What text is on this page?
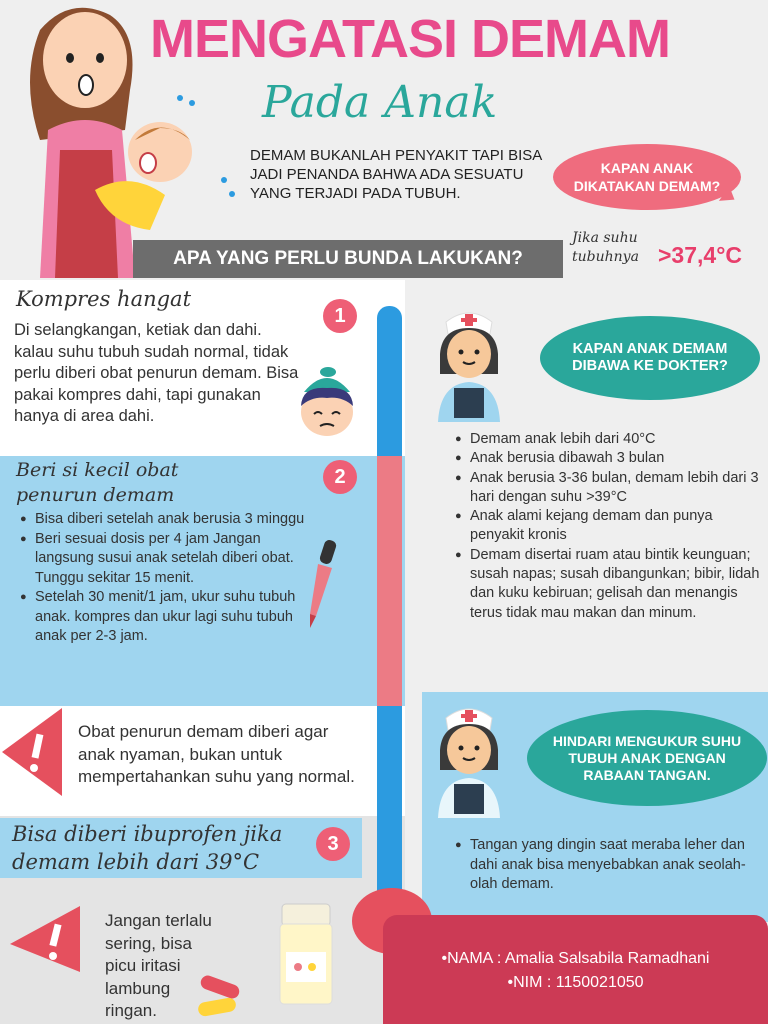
MENGATASI DEMAM
Pada Anak
DEMAM BUKANLAH PENYAKIT TAPI BISA JADI PENANDA BAHWA ADA SESUATU YANG TERJADI PADA TUBUH.
KAPAN ANAK DIKATAKAN DEMAM?
APA YANG PERLU BUNDA LAKUKAN?
Jika suhu tubuhnya >37,4°C
Kompres hangat
Di selangkangan, ketiak dan dahi. kalau suhu tubuh sudah normal, tidak perlu diberi obat penurun demam. Bisa pakai kompres dahi, tapi gunakan hanya di area dahi.
1
Beri si kecil obat penurun demam
2
● Bisa diberi setelah anak berusia 3 minggu
● Beri sesuai dosis per 4 jam Jangan langsung susui anak setelah diberi obat. Tunggu sekitar 15 menit.
● Setelah 30 menit/1 jam, ukur suhu tubuh anak. kompres dan ukur lagi suhu tubuh anak per 2-3 jam.
Obat penurun demam diberi agar anak nyaman, bukan untuk mempertahankan suhu yang normal.
Bisa diberi ibuprofen jika demam lebih dari 39°C
3
Jangan terlalu sering, bisa picu iritasi lambung ringan.
KAPAN ANAK DEMAM DIBAWA KE DOKTER?
● Demam anak lebih dari 40°C
● Anak berusia dibawah 3 bulan
● Anak berusia 3-36 bulan, demam lebih dari 3 hari dengan suhu >39°C
● Anak alami kejang demam dan punya penyakit kronis
● Demam disertai ruam atau bintik keunguan; susah napas; susah dibangunkan; bibir, lidah dan kuku kebiruan; gelisah dan menangis terus tidak mau makan dan minum.
HINDARI MENGUKUR SUHU TUBUH ANAK DENGAN RABAAN TANGAN.
● Tangan yang dingin saat meraba leher dan dahi anak bisa menyebabkan anak seolah-olah demam.
•NAMA : Amalia Salsabila Ramadhani
•NIM : 1150021050
